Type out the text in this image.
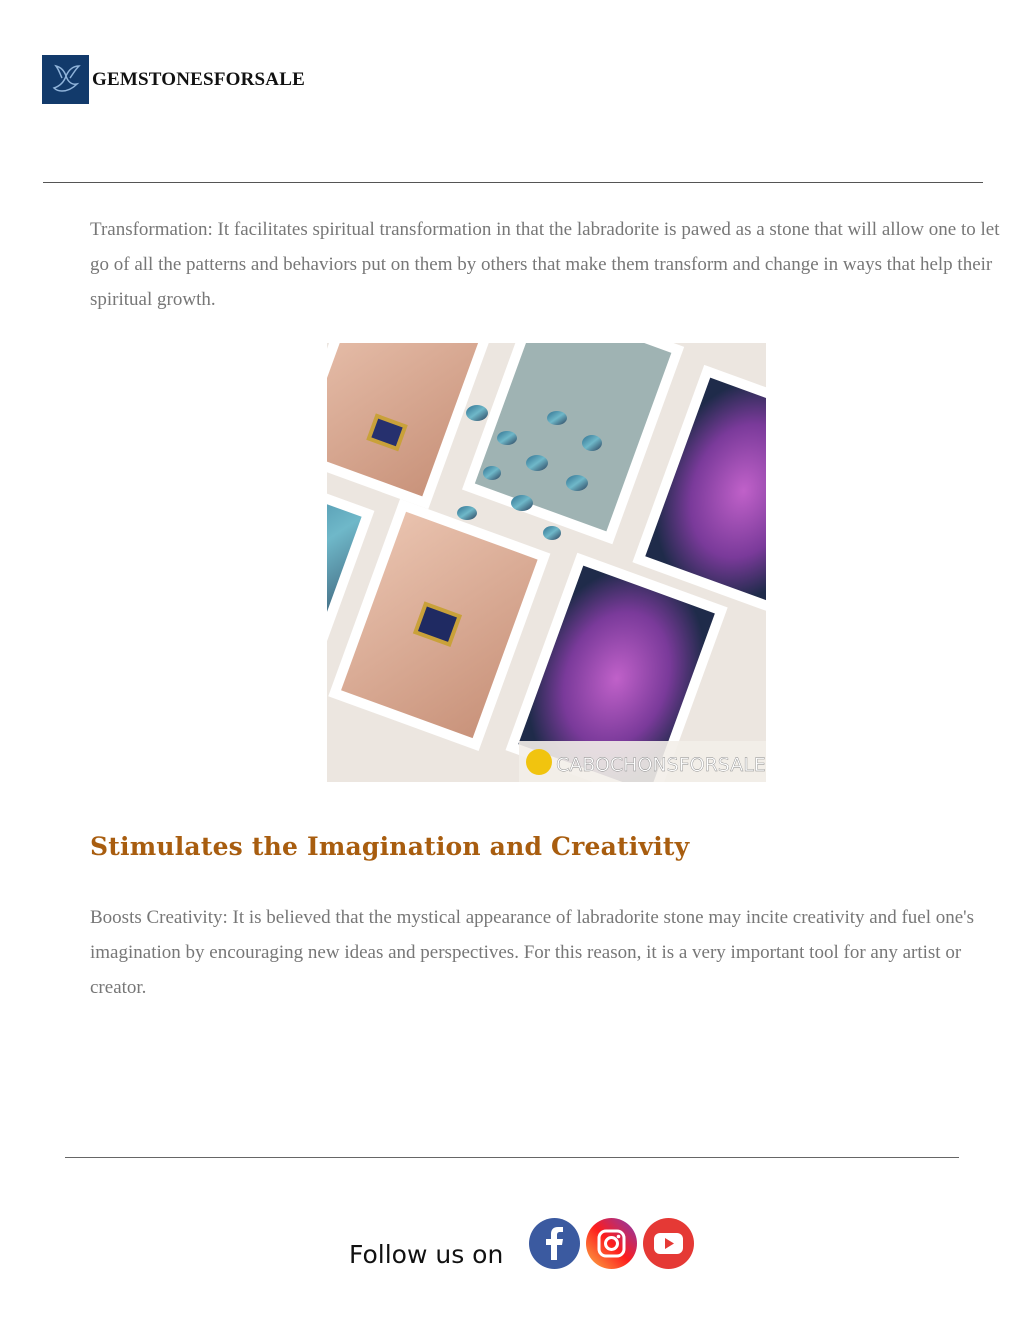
GEMSTONESFORSALE

Transformation: It facilitates spiritual transformation in that the labradorite is pawed as a stone that will allow one to let go of all the patterns and behaviors put on them by others that make them transform and change in ways that help their spiritual growth.

CABOCHONSFORSALE
Stimulates the Imagination and Creativity

Boosts Creativity: It is believed that the mystical appearance of labradorite stone may incite creativity and fuel one's imagination by encouraging new ideas and perspectives. For this reason, it is a very important tool for any artist or creator.

Follow us on
